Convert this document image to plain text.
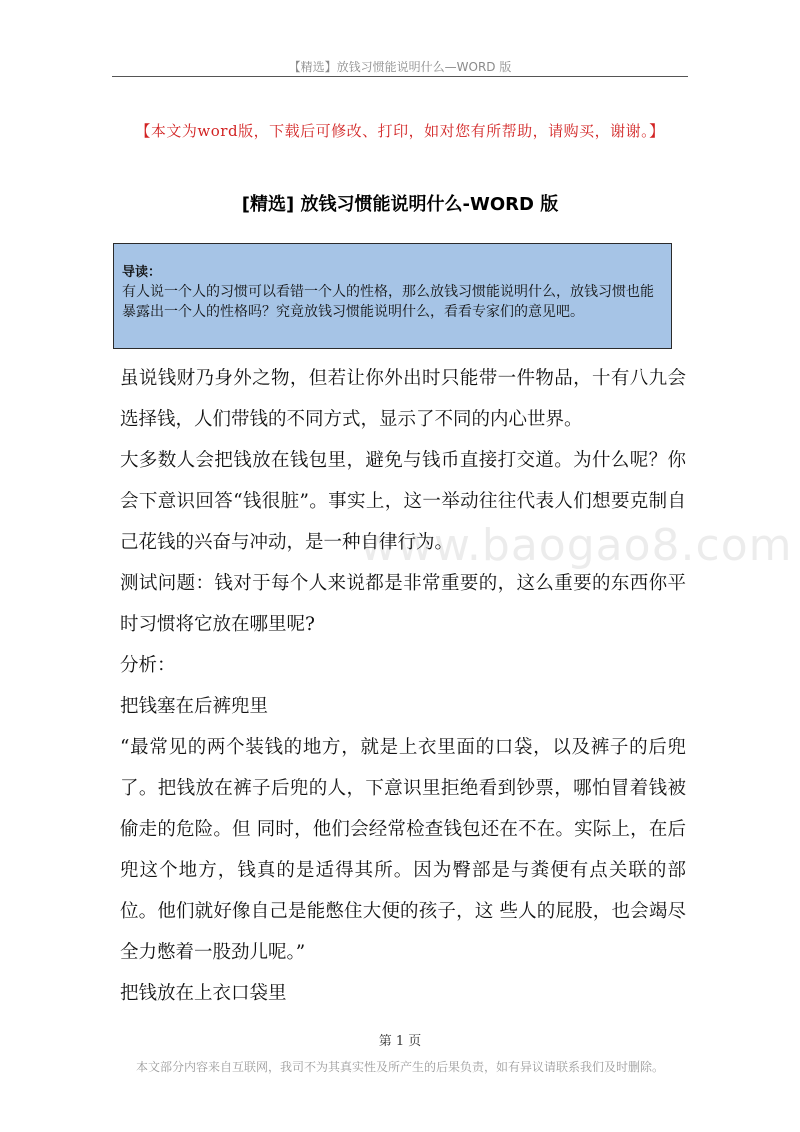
【精选】放钱习惯能说明什么—WORD 版
【本文为word版，下载后可修改、打印，如对您有所帮助，请购买，谢谢。】
[精选] 放钱习惯能说明什么-WORD 版
导读：

有人说一个人的习惯可以看错一个人的性格，那么放钱习惯能说明什么，放钱习惯也能暴露出一个人的性格吗？究竟放钱习惯能说明什么，看看专家们的意见吧。

www.baogao8.com

虽说钱财乃身外之物，但若让你外出时只能带一件物品，十有八九会选择钱，人们带钱的不同方式，显示了不同的内心世界。

大多数人会把钱放在钱包里，避免与钱币直接打交道。为什么呢？你会下意识回答“钱很脏”。事实上，这一举动往往代表人们想要克制自己花钱的兴奋与冲动，是一种自律行为。

测试问题：钱对于每个人来说都是非常重要的，这么重要的东西你平时习惯将它放在哪里呢?

分析：

把钱塞在后裤兜里

“最常见的两个装钱的地方，就是上衣里面的口袋，以及裤子的后兜了。把钱放在裤子后兜的人，下意识里拒绝看到钞票，哪怕冒着钱被偷走的危险。但 同时，他们会经常检查钱包还在不在。实际上，在后兜这个地方，钱真的是适得其所。因为臀部是与粪便有点关联的部位。他们就好像自己是能憋住大便的孩子，这 些人的屁股，也会竭尽全力憋着一股劲儿呢。”

把钱放在上衣口袋里

第 1 页
本文部分内容来自互联网，我司不为其真实性及所产生的后果负责，如有异议请联系我们及时删除。
